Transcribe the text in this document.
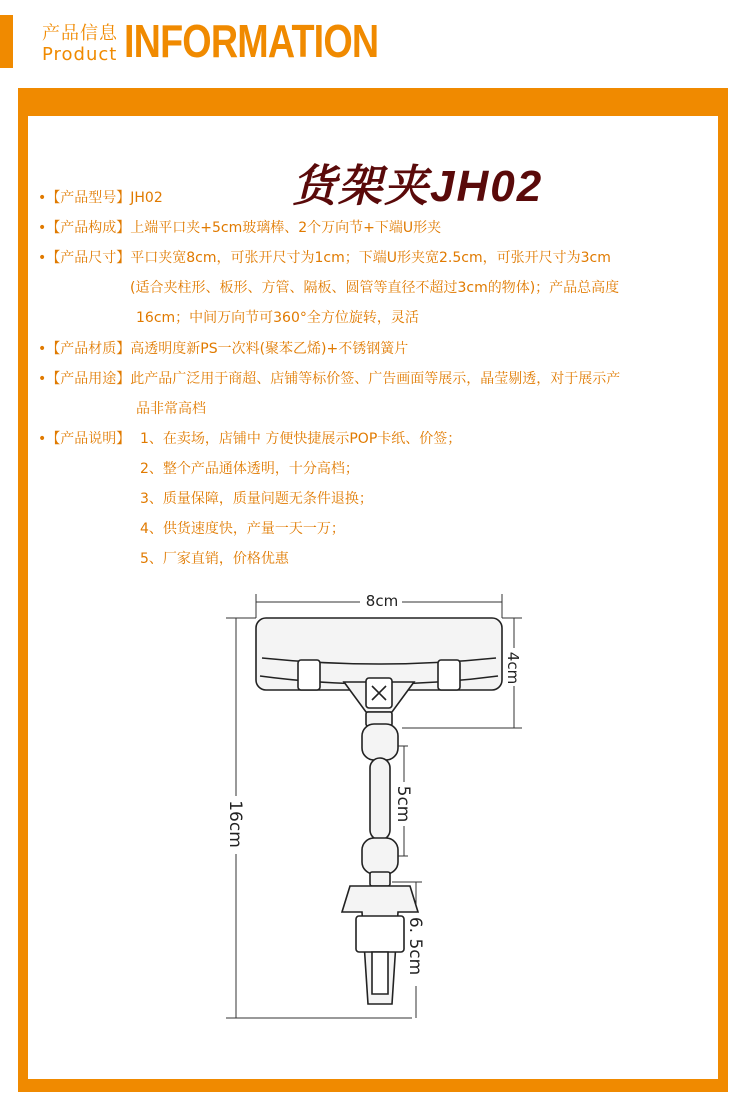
产品信息
Product INFORMATION
货架夹JH02
•【产品型号】JH02
•【产品构成】上端平口夹+5cm玻璃棒、2个万向节+下端U形夹
•【产品尺寸】平口夹宽8cm，可张开尺寸为1cm；下端U形夹宽2.5cm，可张开尺寸为3cm
(适合夹柱形、板形、方管、隔板、圆管等直径不超过3cm的物体)；产品总高度
16cm；中间万向节可360°全方位旋转，灵活
•【产品材质】高透明度新PS一次料(聚苯乙烯)+不锈钢簧片
•【产品用途】此产品广泛用于商超、店铺等标价签、广告画面等展示，晶莹剔透，对于展示产
品非常高档
•【产品说明】 1、在卖场，店铺中 方便快捷展示POP卡纸、价签；
2、整个产品通体透明，十分高档；
3、质量保障，质量问题无条件退换；
4、供货速度快，产量一天一万；
5、厂家直销，价格优惠
8cm
4cm
5cm
16cm
6. 5cm
